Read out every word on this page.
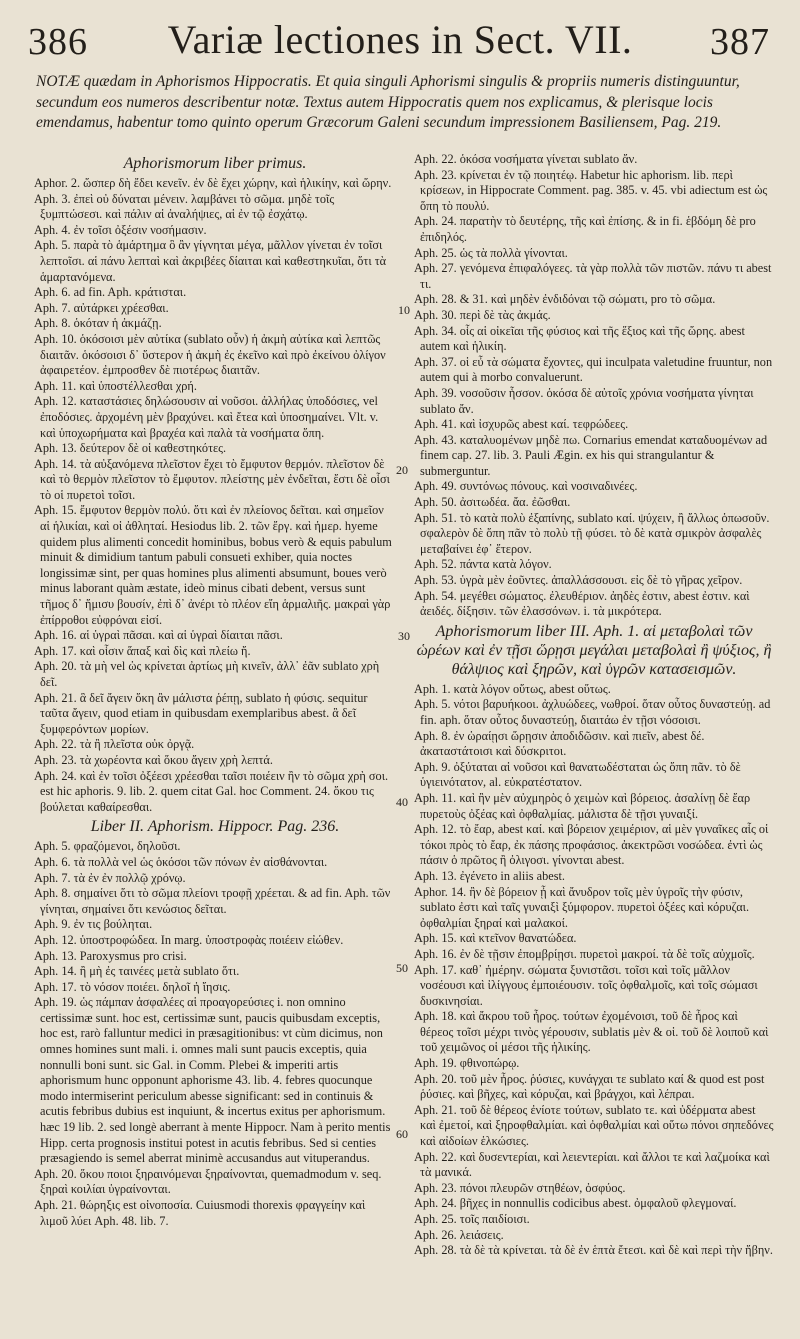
386	Variæ lectiones in Sect. VII.	387
NOTÆ quædam in Aphorismos Hippocratis. Et quia singuli Aphorismi singulis & propriis numeris distinguuntur, secundum eos numeros describentur notæ. Textus autem Hippocratis quem nos explicamus, & plerisque locis emendamus, habentur tomo quinto operum Græcorum Galeni secundum impressionem Basiliensem, Pag. 219.
Aphorismorum liber primus.
Aphor. 2. ὥσπερ δὴ ἔδει κενεῖν. ἐν δὲ ἔχει χώρην, καὶ ἡλικίην, καὶ ὥρην.
Aph. 3. ἐπεὶ οὐ δύναται μένειν. λαμβάνει τὸ σῶμα. μηδὲ τοῖς ξυμπτώσεσι. καὶ πάλιν αἱ ἀναλήψιες, αἱ ἐν τῷ ἐσχάτῳ.
Aph. 4. ἐν τοῖσι ὀξέσιν νοσήμασιν.
Aph. 5. παρὰ τὸ ἁμάρτημα ὃ ἂν γίγνηται μέγα, μᾶλλον γίνεται ἐν τοῖσι λεπτοῖσι. αἱ πάνυ λεπταὶ καὶ ἀκριβέες δίαιται καὶ καθεστηκυῖαι, ὅτι τὰ ἁμαρτανόμενα.
Aph. 6. ad fin. Aph. κράτισται.
Aph. 7. αὐτάρκει χρέεσθαι.
Aph. 8. ὁκόταν ἡ ἀκμάζῃ.
Aph. 10. ὁκόσοισι μὲν αὐτίκα (sublato οὖν) ἡ ἀκμὴ αὐτίκα καὶ λεπτῶς διαιτᾶν. ὁκόσοισι δ᾽ ὕστερον ἡ ἀκμὴ ἐς ἐκεῖνο καὶ πρὸ ἐκείνου ὀλίγον ἀφαιρετέον. ἐμπροσθεν δὲ πιοτέρως διαιτᾶν.
Aph. 11. καὶ ὑποστέλλεσθαι χρή.
Aph. 12. καταστάσιες δηλώσουσιν αἱ νοῦσοι. ἀλλήλας ὑποδόσιες, vel ἐποδόσιες. ἀρχομένη μὲν βραχύνει. καὶ ἔτεα καὶ ὑποσημαίνει. Vlt. v. καὶ ὑποχωρήματα καὶ βραχέα καὶ παλὰ τὰ νοσήματα ὅπη.
Aph. 13. δεύτερον δὲ οἱ καθεστηκότες.
Aph. 14. τὰ αὐξανόμενα πλεῖστον ἔχει τὸ ἔμφυτον θερμόν. πλεῖστον δὲ καὶ τὸ θερμὸν πλεῖστον τὸ ἔμφυτον. πλείστης μὲν ἐνδεῖται, ἔστι δὲ οἷσι τὸ οἱ πυρετοὶ τοῖσι.
Aph. 15. ἔμφυτον θερμὸν πολύ. ὅτι καὶ ἐν πλείονος δεῖται. καὶ σημεῖον αἱ ἡλικίαι, καὶ οἱ ἀθληταί. Hesiodus lib. 2. τῶν ἔργ. καὶ ἡμερ. hyeme quidem plus alimenti concedit hominibus, bobus verò & equis pabulum minuit & dimidium tantum pabuli consueti exhiber, quia noctes longissimæ sint, per quas homines plus alimenti absumunt, boues verò minus laborant quàm æstate, ideò minus cibati debent, versus sunt τῆμος δ᾽ ἥμισυ βουσίν, ἐπὶ δ᾽ ἀνέρι τὸ πλέον εἴη ἁρμαλιῆς. μακραὶ γὰρ ἐπίρροθοι εὐφρόναι εἰσί.
Aph. 16. αἱ ὑγραὶ πᾶσαι. καὶ αἱ ὑγραὶ δίαιται πᾶσι.
Aph. 17. καὶ οἷσιν ἅπαξ καὶ δὶς καὶ πλείω ἤ.
Aph. 20. τὰ μὴ vel ὡς κρίνεται ἀρτίως μὴ κινεῖν, ἀλλ᾽ ἐᾶν sublato χρὴ δεῖ.
Aph. 21. ἃ δεῖ ἄγειν ὅκη ἂν μάλιστα ῥέπῃ, sublato ἡ φύσις. sequitur ταῦτα ἄγειν, quod etiam in quibusdam exemplaribus abest. ἃ δεῖ ξυμφερόντων μορίων.
Aph. 22. τὰ ἢ πλεῖστα οὐκ ὀργᾷ.
Aph. 23. τὰ χωρέοντα καὶ ὅκου ἄγειν χρὴ λεπτά.
Aph. 24. καὶ ἐν τοῖσι ὀξέεσι χρέεσθαι ταῖσι ποιέειν ἢν τὸ σῶμα χρὴ σοι. est hic aphoris. 9. lib. 2. quem citat Gal. hoc Comment. 24. ὅκου τις βούλεται καθαίρεσθαι.
Liber II. Aphorism. Hippocr. Pag. 236.
Aph. 5. φραζόμενοι, δηλοῦσι.
Aph. 6. τὰ πολλὰ vel ὡς ὁκόσοι τῶν πόνων ἐν αἰσθάνονται.
Aph. 7. τὰ ἐν ἐν πολλῷ χρόνῳ.
Aph. 8. σημαίνει ὅτι τὸ σῶμα πλείονι τροφῇ χρέεται. & ad fin. Aph. τῶν γίνηται, σημαίνει ὅτι κενώσιος δεῖται.
Aph. 9. ἐν τις βούληται.
Aph. 12. ὑποστροφώδεα. In marg. ὑποστροφὰς ποιέειν εἰώθεν.
Aph. 13. Paroxysmus pro crisi.
Aph. 14. ἢ μὴ ἐς ταινέες μετὰ sublato ὅτι.
Aph. 17. τὸ νόσον ποιέει. δηλοῖ ἡ ἴησις.
Aph. 19. ὡς πάμπαν ἀσφαλέες αἱ προαγορεύσιες i. non omnino certissimæ sunt. hoc est, certissimæ sunt, paucis quibusdam exceptis, hoc est, rarò falluntur medici in præsagitionibus: vt cùm dicimus, non omnes homines sunt mali. i. omnes mali sunt paucis exceptis, quia nonnulli boni sunt. sic Gal. in Comm. Plebei & imperiti artis aphorismum hunc opponunt aphorisme 43. lib. 4. febres quocunque modo intermiserint periculum abesse significant: sed in continuis & acutis febribus dubius est inquiunt, & incertus exitus per aphorismum. hæc 19 lib. 2. sed longè aberrant à mente Hippocr. Nam à perito mentis Hipp. certa prognosis institui potest in acutis febribus. Sed si centies præsagiendo is semel aberrat minimè accusandus aut vituperandus.
Aph. 20. ὅκου ποιοι ξηραινόμεναι ξηραίνονται, quemadmodum v. seq. ξηραὶ κοιλίαι ὑγραίνονται.
Aph. 21. θώρηξις est οἰνοποσία. Cuiusmodi thorexis φραγγείην καὶ λιμοῦ λύει Aph. 48. lib. 7.
Aph. 22. ὁκόσα νοσήματα γίνεται sublato ἄν.
Aph. 23. κρίνεται ἐν τῷ ποιητέῳ. Habetur hic aphorism. lib. περὶ κρίσεων, in Hippocrate Comment. pag. 385. v. 45. vbi adiectum est ὡς ὅπη τὸ πουλύ.
Aph. 24. παρατὴν τὸ δευτέρης, τῆς καὶ ἐπίσης. & in fi. ἑβδόμη δὲ pro ἐπιδηλός.
Aph. 25. ὡς τὰ πολλὰ γίνονται.
Aph. 27. γενόμενα ἐπιφαλόγεες. τὰ γὰρ πολλὰ τῶν πιστῶν. πάνυ τι abest τι.
Aph. 28. & 31. καὶ μηδὲν ἐνδιδόναι τῷ σώματι, pro τὸ σῶμα.
Aph. 30. περὶ δὲ τὰς ἀκμάς.
Aph. 34. οἷς αἱ οἰκεῖαι τῆς φύσιος καὶ τῆς ἕξιος καὶ τῆς ὥρης. abest autem καὶ ἡλικίη.
Aph. 37. οἱ εὖ τὰ σώματα ἔχοντες, qui inculpata valetudine fruuntur, non autem qui à morbo convaluerunt.
Aph. 39. νοσοῦσιν ἧσσον. ὁκόσα δὲ αὐτοῖς χρόνια νοσήματα γίνηται sublato ἄν.
Aph. 41. καὶ ἰσχυρῶς abest καί. τεφρώδεες.
Aph. 43. καταλυομένων μηδὲ πω. Cornarius emendat καταδυομένων ad finem cap. 27. lib. 3. Pauli Ægin. ex his qui strangulantur & submerguntur.
Aph. 49. συντόνως πόνους. καὶ νοσιναδινέες.
Aph. 50. ἀσιτωδέα. ἄα. ἐῶσθαι.
Aph. 51. τὸ κατὰ πολὺ ἐξαπίνης, sublato καί. ψύχειν, ἢ ἄλλως ὁπωσοῦν. σφαλερὸν δὲ ὅπη πᾶν τὸ πολὺ τῇ φύσει. τὸ δὲ κατὰ σμικρὸν ἀσφαλὲς μεταβαίνει ἐφ᾽ ἕτερον.
Aph. 52. πάντα κατὰ λόγον.
Aph. 53. ὑγρὰ μὲν ἐοῦντες. ἀπαλλάσσουσι. εἰς δὲ τὸ γῆρας χεῖρον.
Aph. 54. μεγέθει σώματος. ἐλευθέριον. ἀηδὲς ἐστιν, abest ἐστιν. καὶ ἀειδές. δίξησιν. τῶν ἐλασσόνων. i. τὰ μικρότερα.
Aphorismorum liber III. Aph. 1. αἱ μεταβολαὶ τῶν ὡρέων καὶ ἐν τῇσι ὥρῃσι μεγάλαι μεταβολαὶ ἢ ψύξιος, ἢ θάλψιος καὶ ξηρῶν, καὶ ὑγρῶν κατασεισμῶν.
Aph. 1. κατὰ λόγον οὕτως, abest οὕτως.
Aph. 5. νότοι βαρυήκοοι. ἀχλυώδεες, νωθροί. ὅταν οὗτος δυναστεύῃ. ad fin. aph. ὅταν οὗτος δυναστεύῃ, διαιτάω ἐν τῇσι νόσοισι.
Aph. 8. ἐν ὡραίῃσι ὥρῃσιν ἀποδιδῶσιν. καὶ πιεῖν, abest δέ. ἀκαταστάτοισι καὶ δύσκριτοι.
Aph. 9. ὀξύταται αἱ νοῦσοι καὶ θανατωδέσταται ὡς ὅπη πᾶν. τὸ δὲ ὑγιεινότατον, al. εὐκρατέστατον.
Aph. 11. καὶ ἢν μὲν αὐχμηρὸς ὁ χειμὼν καὶ βόρειος. ἀσαλίνῃ δὲ ἔαρ πυρετοὺς ὀξέας καὶ ὀφθαλμίας. μάλιστα δὲ τῇσι γυναιξί.
Aph. 12. τὸ ἔαρ, abest καί. καὶ βόρειον χειμέριον, αἱ μὲν γυναῖκες αἷς οἱ τόκοι πρὸς τὸ ἔαρ, ἐκ πάσης προφάσιος. ἀκεκτρῶσι νοσώδεα. ἐντὶ ὡς πάσιν ὁ πρῶτος ἢ ὀλιγοσι. γίνονται abest.
Aph. 13. ἐγένετο in aliis abest.
Aphor. 14. ἢν δὲ βόρειον ᾖ καὶ ἄνυδρον τοῖς μὲν ὑγροῖς τὴν φύσιν, sublato ἐστι καὶ ταῖς γυναιξὶ ξύμφορον. πυρετοὶ ὀξέες καὶ κόρυζαι. ὀφθαλμίαι ξηραί καὶ μαλακοί.
Aph. 15. καὶ κτεῖνον θανατώδεα.
Aph. 16. ἐν δὲ τῇσιν ἐπομβρίῃσι. πυρετοὶ μακροί. τὰ δὲ τοῖς αὐχμοῖς.
Aph. 17. καθ᾽ ἡμέρην. σώματα ξυνιστᾶσι. τοῖσι καὶ τοῖς μᾶλλον νοσέουσι καὶ ἰλίγγους ἐμποιέουσιν. τοῖς ὀφθαλμοῖς, καὶ τοῖς σώμασι δυσκινησίαι.
Aph. 18. καὶ ἄκρου τοῦ ἦρος. τούτων ἐχομένοισι, τοῦ δὲ ἦρος καὶ θέρεος τοῖσι μέχρι τινὸς γέρουσιν, sublatis μὲν & οἱ. τοῦ δὲ λοιποῦ καὶ τοῦ χειμῶνος οἱ μέσοι τῆς ἡλικίης.
Aph. 19. φθινοπώρῳ.
Aph. 20. τοῦ μὲν ἦρος. ῥύσιες, κυνάγχαι τε sublato καί & quod est post ῥύσιες. καὶ βῆχες, καὶ κόρυζαι, καὶ βράγχοι, καὶ λέπραι.
Aph. 21. τοῦ δὲ θέρεος ἐνίοτε τούτων, sublato τε. καὶ ὑδέρματα abest καὶ ἐμετοί, καὶ ξηροφθαλμίαι. καὶ ὀφθαλμίαι καὶ οὕτω πόνοι σηπεδόνες καὶ αἰδοίων ἑλκώσιες.
Aph. 22. καὶ δυσεντερίαι, καὶ λειεντερίαι. καὶ ἄλλοι τε καὶ λαζμοίκα καὶ τὰ μανικά.
Aph. 23. πόνοι πλευρῶν στηθέων, ὀσφύος.
Aph. 24. βῆχες in nonnullis codicibus abest. ὀμφαλοῦ φλεγμοναί.
Aph. 25. τοῖς παιδίοισι.
Aph. 26. λειάσεις.
Aph. 28. τὰ δὲ τὰ κρίνεται. τὰ δὲ ἐν ἑπτὰ ἔτεσι. καὶ δὲ καὶ περὶ τὴν ἥβην.
10
20
30
40
50
60
